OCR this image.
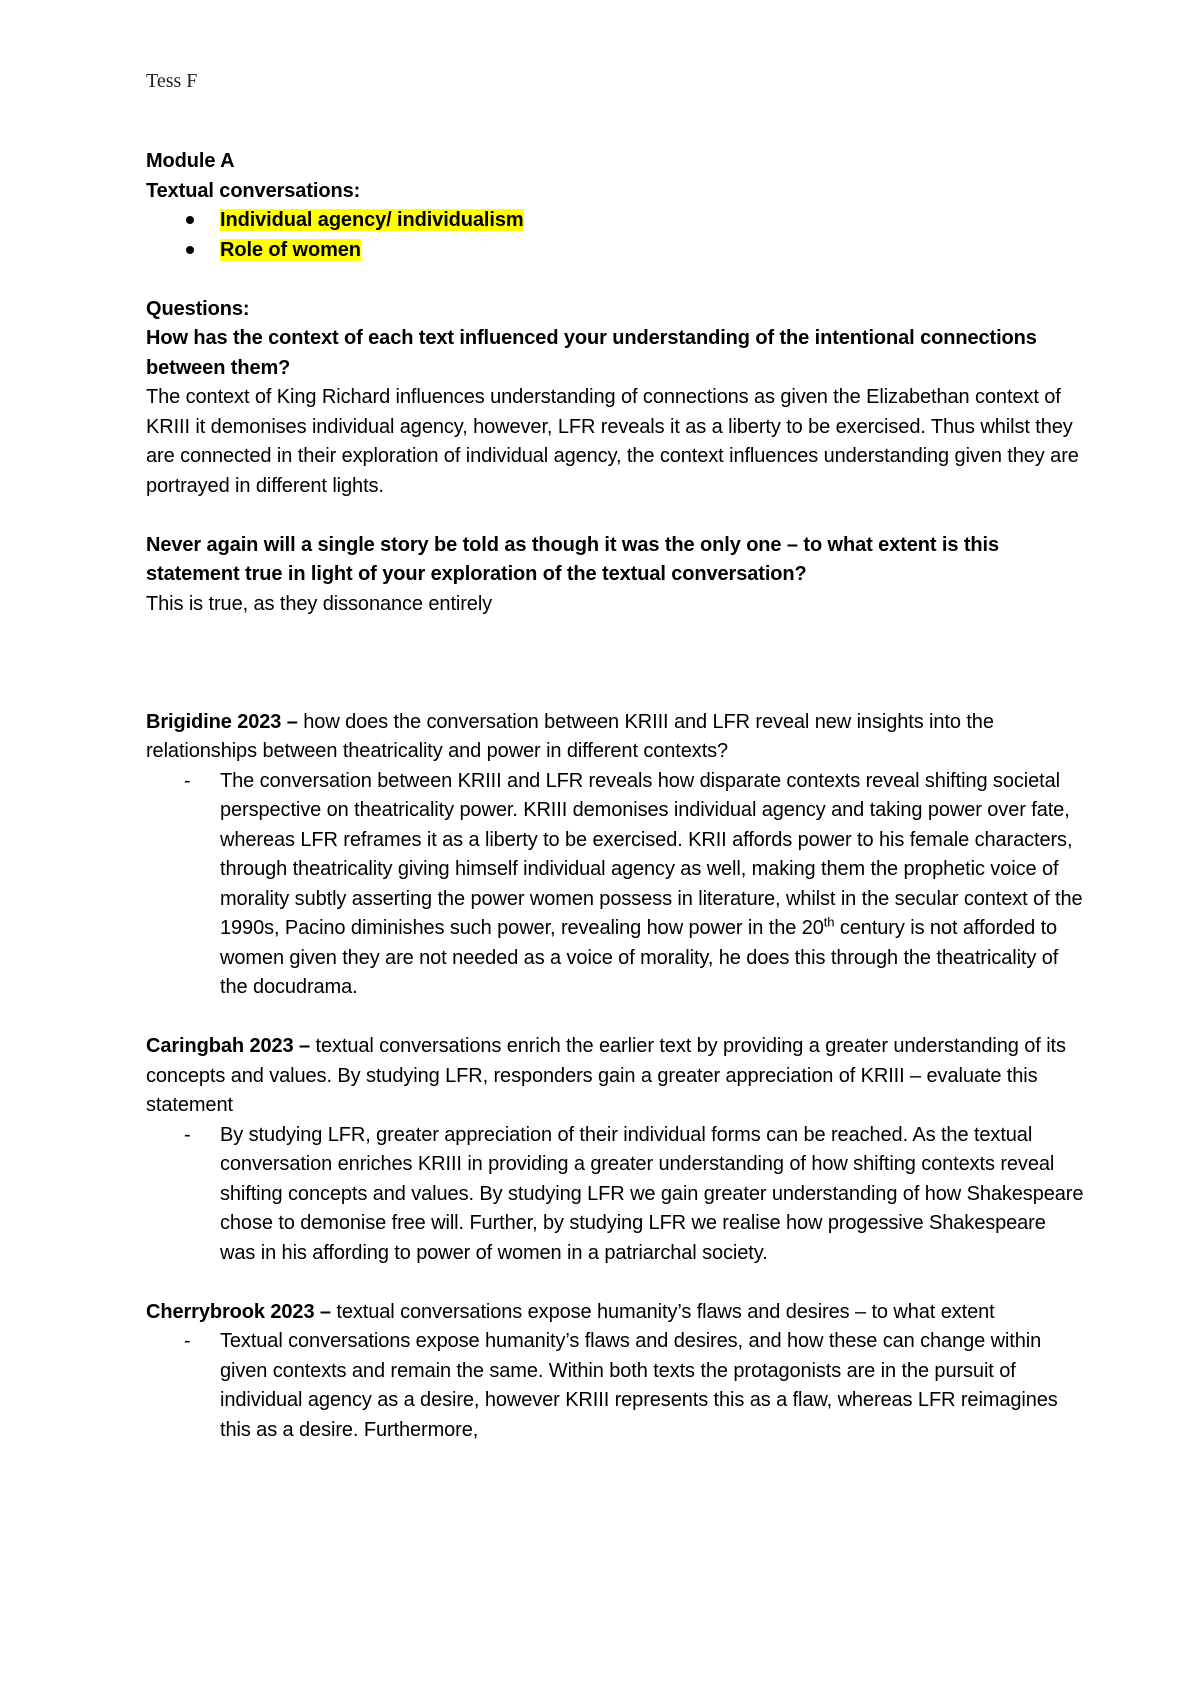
Tess F

Module A

Textual conversations:

Individual agency/ individualism
Role of women

Questions:

How has the context of each text influenced your understanding of the intentional connections between them?

The context of King Richard influences understanding of connections as given the Elizabethan context of KRIII it demonises individual agency, however, LFR reveals it as a liberty to be exercised. Thus whilst they are connected in their exploration of individual agency, the context influences understanding given they are portrayed in different lights.

Never again will a single story be told as though it was the only one – to what extent is this statement true in light of your exploration of the textual conversation?

This is true, as they dissonance entirely

Brigidine 2023 – how does the conversation between KRIII and LFR reveal new insights into the relationships between theatricality and power in different contexts?

- The conversation between KRIII and LFR reveals how disparate contexts reveal shifting societal perspective on theatricality power. KRIII demonises individual agency and taking power over fate, whereas LFR reframes it as a liberty to be exercised. KRII affords power to his female characters, through theatricality giving himself individual agency as well, making them the prophetic voice of morality subtly asserting the power women possess in literature, whilst in the secular context of the 1990s, Pacino diminishes such power, revealing how power in the 20th century is not afforded to women given they are not needed as a voice of morality, he does this through the theatricality of the docudrama.

Caringbah 2023 – textual conversations enrich the earlier text by providing a greater understanding of its concepts and values. By studying LFR, responders gain a greater appreciation of KRIII – evaluate this statement

- By studying LFR, greater appreciation of their individual forms can be reached. As the textual conversation enriches KRIII in providing a greater understanding of how shifting contexts reveal shifting concepts and values. By studying LFR we gain greater understanding of how Shakespeare chose to demonise free will. Further, by studying LFR we realise how progessive Shakespeare was in his affording to power of women in a patriarchal society.

Cherrybrook 2023 – textual conversations expose humanity’s flaws and desires – to what extent

- Textual conversations expose humanity’s flaws and desires, and how these can change within given contexts and remain the same. Within both texts the protagonists are in the pursuit of individual agency as a desire, however KRIII represents this as a flaw, whereas LFR reimagines this as a desire. Furthermore,
